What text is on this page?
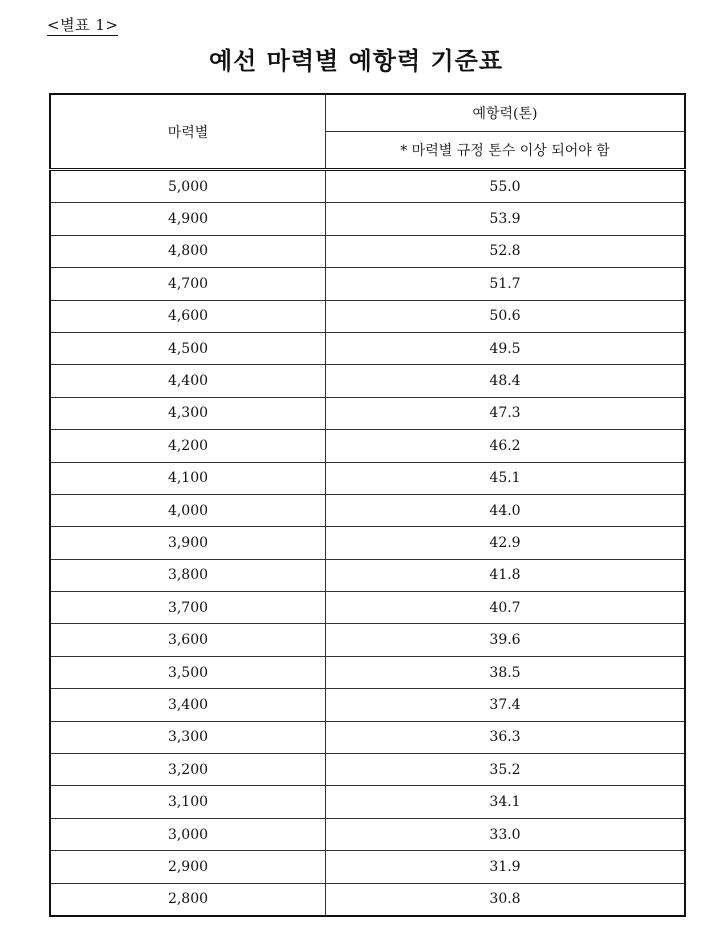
<별표 1>
예선 마력별 예항력 기준표
마력별	예항력(톤)
	* 마력별 규정 톤수 이상 되어야 함
5,000	55.0
4,900	53.9
4,800	52.8
4,700	51.7
4,600	50.6
4,500	49.5
4,400	48.4
4,300	47.3
4,200	46.2
4,100	45.1
4,000	44.0
3,900	42.9
3,800	41.8
3,700	40.7
3,600	39.6
3,500	38.5
3,400	37.4
3,300	36.3
3,200	35.2
3,100	34.1
3,000	33.0
2,900	31.9
2,800	30.8
